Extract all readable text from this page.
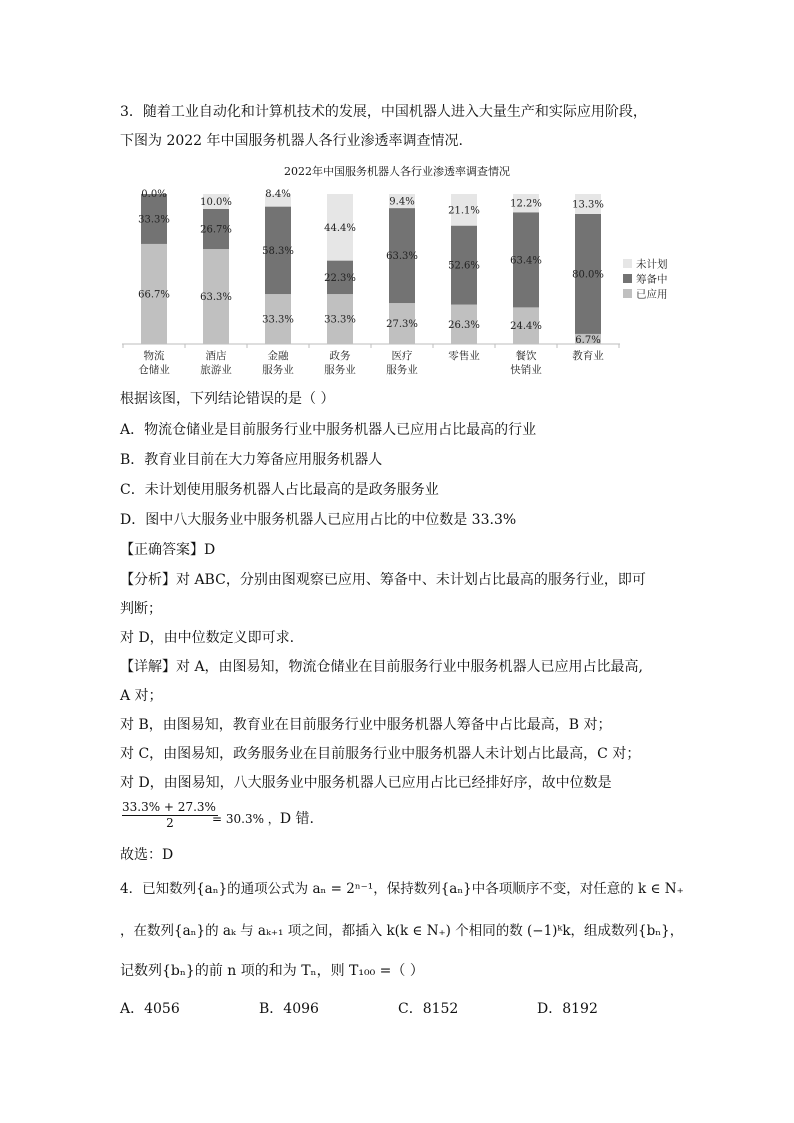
3．随着工业自动化和计算机技术的发展，中国机器人进入大量生产和实际应用阶段，
下图为 2022 年中国服务机器人各行业渗透率调查情况.
2022年中国服务机器人各行业渗透率调查情况
66.7%
33.3%
0.0%
物流
仓储业
63.3%
26.7%
10.0%
酒店
旅游业
33.3%
58.3%
8.4%
金融
服务业
33.3%
22.3%
44.4%
政务
服务业
27.3%
63.3%
9.4%
医疗
服务业
26.3%
52.6%
21.1%
零售业
24.4%
63.4%
12.2%
餐饮
快销业
6.7%
80.0%
13.3%
教育业
未计划
筹备中
已应用
根据该图，下列结论错误的是（ ）
A．物流仓储业是目前服务行业中服务机器人已应用占比最高的行业
B．教育业目前在大力筹备应用服务机器人
C．未计划使用服务机器人占比最高的是政务服务业
D．图中八大服务业中服务机器人已应用占比的中位数是 33.3%
【正确答案】D
【分析】对 ABC，分别由图观察已应用、筹备中、未计划占比最高的服务行业，即可
判断；
对 D，由中位数定义即可求.
【详解】对 A，由图易知，物流仓储业在目前服务行业中服务机器人已应用占比最高,
A 对；
对 B，由图易知，教育业在目前服务行业中服务机器人筹备中占比最高，B 对；
对 C，由图易知，政务服务业在目前服务行业中服务机器人未计划占比最高，C 对；
对 D，由图易知，八大服务业中服务机器人已应用占比已经排好序，故中位数是
$\frac{33.3\% + 27.3\%}{2}$
= 30.3% ，D 错.
故选：D
4．已知数列{aₙ}的通项公式为 aₙ = 2ⁿ⁻¹，保持数列{aₙ}中各项顺序不变，对任意的 k ∈ N₊
，在数列{aₙ}的 aₖ 与 aₖ₊₁ 项之间，都插入 k(k ∈ N₊) 个相同的数 (−1)ᵏk，组成数列{bₙ}，
记数列{bₙ}的前 n 项的和为 Tₙ，则 T₁₀₀ =（ ）
A．4056	B．4096	C．8152	D．8192
